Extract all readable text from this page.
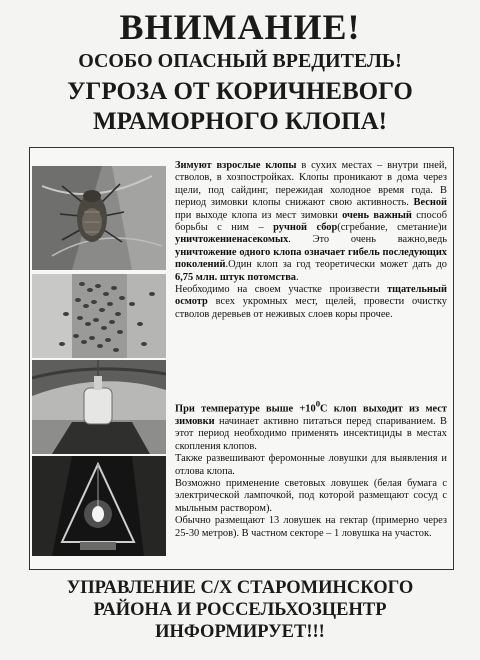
ВНИМАНИЕ!
ОСОБО ОПАСНЫЙ ВРЕДИТЕЛЬ!
УГРОЗА ОТ КОРИЧНЕВОГО
МРАМОРНОГО КЛОПА!

Зимуют взрослые клопы в сухих местах – внутри пней, стволов, в хозпостройках. Клопы проникают в дома через щели, под сайдинг, пережидая холодное время года. В период зимовки клопы снижают свою активность. Весной при выходе клопа из мест зимовки очень важный способ борьбы с ним – ручной сбор(сгребание, сметание)и уничтожениенасекомых. Это очень важно,ведь уничтожение одного клопа означает гибель последующих поколений.Один клоп за год теоретически может дать до 6,75 млн. штук потомства.

Необходимо на своем участке произвести тщательный осмотр всех укромных мест, щелей, провести очистку стволов деревьев от неживых слоев коры прочее.

При температуре выше $+10^0С$ клоп выходит из мест зимовки начинает активно питаться перед спариванием. В этот период необходимо применять инсектициды в местах скопления клопов.

Также развешивают феромонные ловушки для выявления и отлова клопа.

Возможно применение световых ловушек (белая бумага с электрической лампочкой, под которой размещают сосуд с мыльным раствором).

Обычно размещают 13 ловушек на гектар (примерно через 25-30 метров). В частном секторе – 1 ловушка на участок.

УПРАВЛЕНИЕ С/Х СТАРОМИНСКОГО
РАЙОНА И РОССЕЛЬХОЗЦЕНТР
ИНФОРМИРУЕТ!!!
